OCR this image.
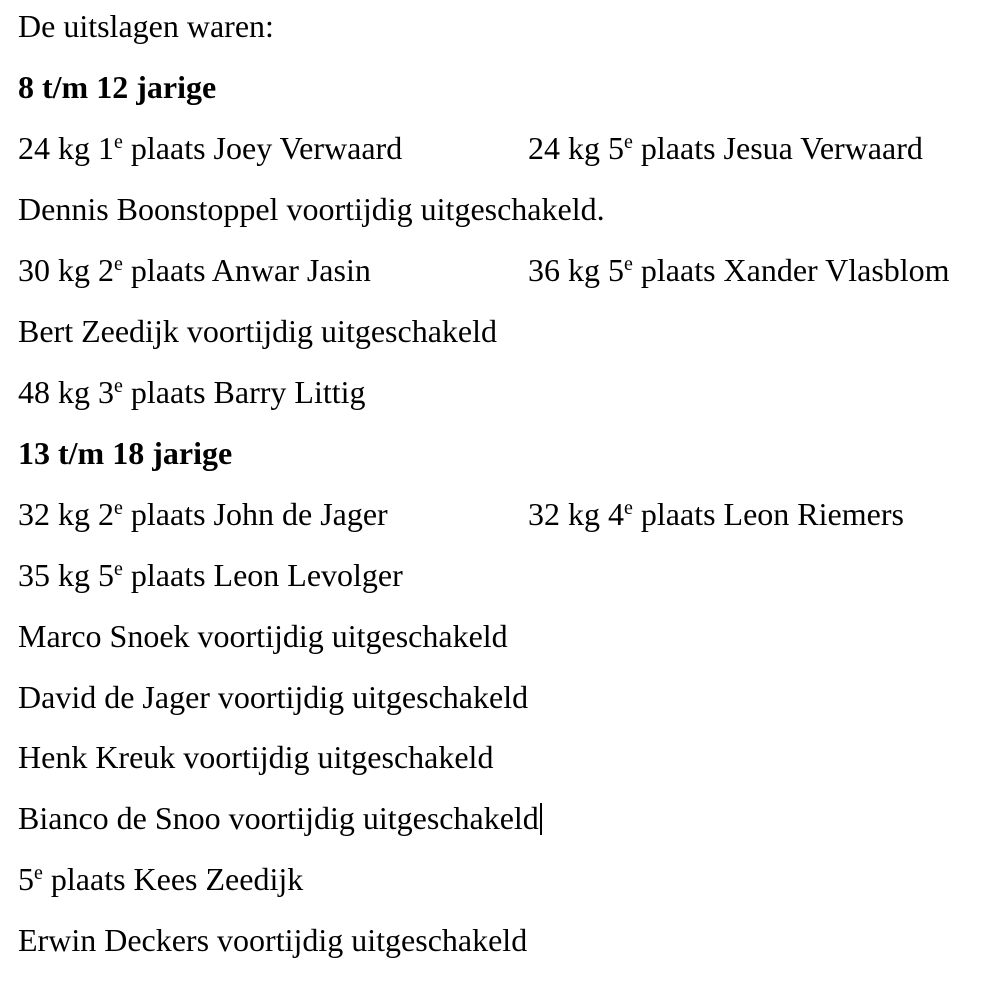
De uitslagen waren:
8 t/m 12 jarige
24 kg 1e plaats Joey Verwaard	24 kg 5e plaats Jesua Verwaard
Dennis Boonstoppel voortijdig uitgeschakeld.
30 kg 2e plaats Anwar Jasin	36 kg 5e plaats Xander Vlasblom
Bert Zeedijk voortijdig uitgeschakeld
48 kg 3e plaats Barry Littig
13 t/m 18 jarige
32 kg 2e plaats John de Jager	32 kg 4e plaats Leon Riemers
35 kg 5e plaats Leon Levolger
Marco Snoek voortijdig uitgeschakeld
David de Jager voortijdig uitgeschakeld
Henk Kreuk voortijdig uitgeschakeld
Bianco de Snoo voortijdig uitgeschakeld
5e plaats Kees Zeedijk
Erwin Deckers voortijdig uitgeschakeld
